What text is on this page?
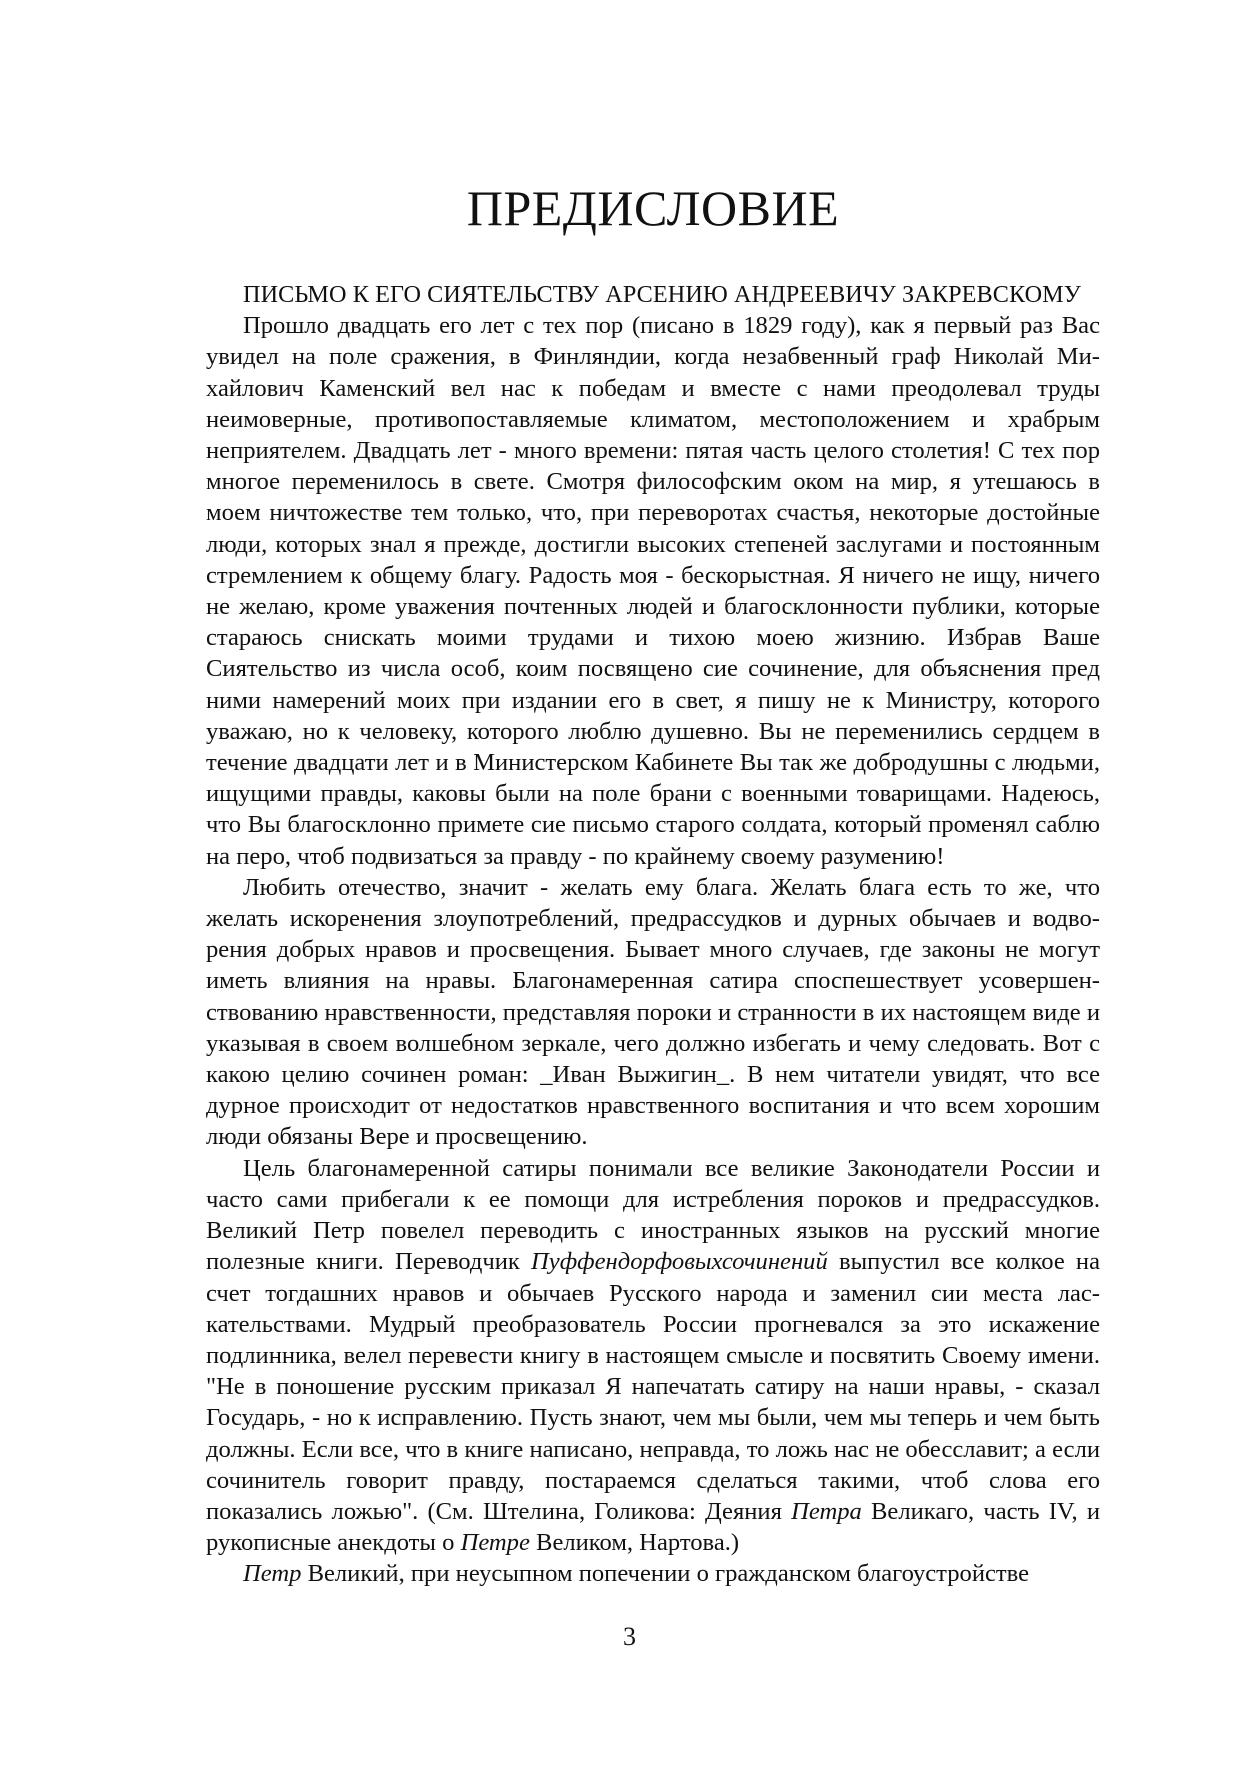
ПРЕДИСЛОВИЕ

ПИСЬМО К ЕГО СИЯТЕЛЬСТВУ АРСЕНИЮ АНДРЕЕВИЧУ ЗАКРЕВСКОМУ

Прошло двадцать его лет с тех пор (писано в 1829 году), как я первый раз Вас увидел на поле сражения, в Финляндии, когда незабвенный граф Николай Михайлович Каменский вел нас к победам и вместе с нами преодолевал труды неимоверные, противопоставляемые климатом, местоположением и храбрым неприятелем. Двадцать лет - много времени: пятая часть целого столетия! С тех пор многое переменилось в свете. Смотря философским оком на мир, я утешаюсь в моем ничтожестве тем только, что, при переворотах счастья, некоторые достойные люди, которых знал я прежде, достигли высоких степеней заслугами и постоянным стремлением к общему благу. Радость моя - бескорыстная. Я ничего не ищу, ничего не желаю, кроме уважения почтенных людей и благосклонности публики, которые стараюсь снискать моими трудами и тихою моею жизнию. Избрав Ваше Сиятельство из числа особ, коим посвящено сие сочинение, для объяснения пред ними намерений моих при издании его в свет, я пишу не к Министру, которого уважаю, но к человеку, которого люблю душевно. Вы не переменились сердцем в течение двадцати лет и в Министерском Кабинете Вы так же добродушны с людьми, ищущими правды, каковы были на поле брани с военными товарищами. Надеюсь, что Вы благосклонно примете сие письмо старого солдата, который променял саблю на перо, чтоб подвизаться за правду - по крайнему своему разумению!

Любить отечество, значит - желать ему блага. Желать блага есть то же, что желать искоренения злоупотреблений, предрассудков и дурных обычаев и водворения добрых нравов и просвещения. Бывает много случаев, где законы не могут иметь влияния на нравы. Благонамеренная сатира споспешествует усовершенствованию нравственности, представляя пороки и странности в их настоящем виде и указывая в своем волшебном зеркале, чего должно избегать и чему следовать. Вот с какою целию сочинен роман: _Иван Выжигин_. В нем читатели увидят, что все дурное происходит от недостатков нравственного воспитания и что всем хорошим люди обязаны Вере и просвещению.

Цель благонамеренной сатиры понимали все великие Законодатели России и часто сами прибегали к ее помощи для истребления пороков и предрассудков. Великий Петр повелел переводить с иностранных языков на русский многие полезные книги. Переводчик Пуффендорфовыхсочинений выпустил все колкое на счет тогдашних нравов и обычаев Русского народа и заменил сии места ласкательствами. Мудрый преобразователь России прогневался за это искажение подлинника, велел перевести книгу в настоящем смысле и посвятить Своему имени. "Не в поношение русским приказал Я напечатать сатиру на наши нравы, - сказал Государь, - но к исправлению. Пусть знают, чем мы были, чем мы теперь и чем быть должны. Если все, что в книге написано, неправда, то ложь нас не обесславит; а если сочинитель говорит правду, постараемся сделаться такими, чтоб слова его показались ложью". (См. Штелина, Голикова: Деяния Петра Великаго, часть IV, и рукописные анекдоты о Петре Великом, Нартова.)

Петр Великий, при неусыпном попечении о гражданском благоустройстве

3
